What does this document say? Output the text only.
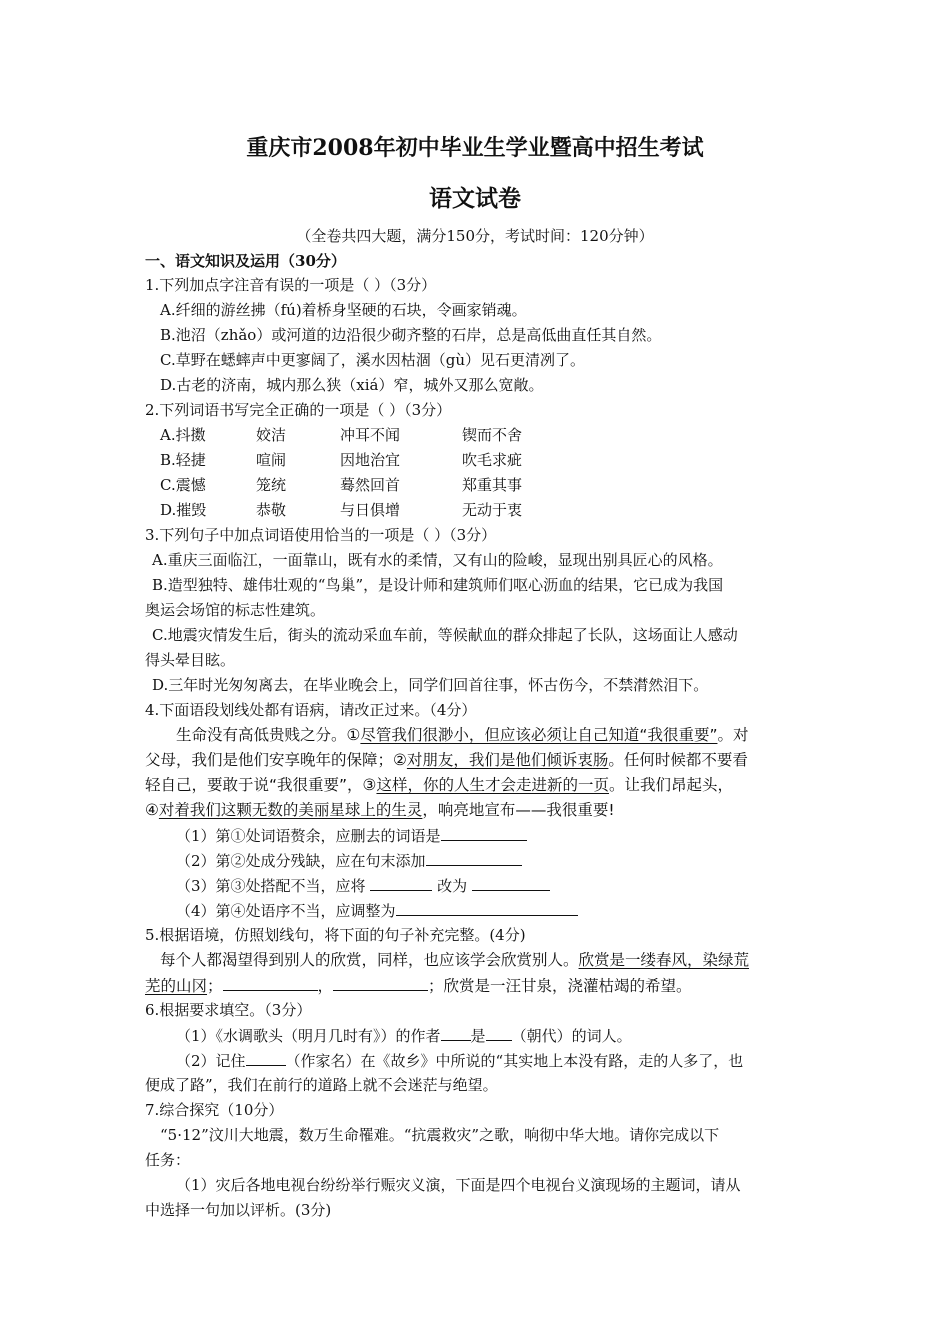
重庆市2008年初中毕业生学业暨高中招生考试
语文试卷
（全卷共四大题，满分150分，考试时间：120分钟）
一、语文知识及运用（30分）
1.下列加点字注音有误的一项是（ ）（3分）
A.纤细的游丝拂（fú)着桥身坚硬的石块，令画家销魂。
B.池沼（zhǎo）或河道的边沿很少砌齐整的石岸，总是高低曲直任其自然。
C.草野在蟋蟀声中更寥阔了，溪水因枯涸（gù）见石更清冽了。
D.古老的济南，城内那么狭（xiá）窄，城外又那么宽敞。
2.下列词语书写完全正确的一项是（ ）（3分）
A.抖擞	姣洁	冲耳不闻	锲而不舍
B.轻捷	喧闹	因地治宜	吹毛求疵
C.震憾	笼统	蓦然回首	郑重其事
D.摧毁	恭敬	与日俱增	无动于衷
3.下列句子中加点词语使用恰当的一项是（ ）（3分）
A.重庆三面临江，一面靠山，既有水的柔情，又有山的险峻，显现出别具匠心的风格。
B.造型独特、雄伟壮观的“鸟巢”，是设计师和建筑师们呕心沥血的结果，它已成为我国
奥运会场馆的标志性建筑。
C.地震灾情发生后，街头的流动采血车前，等候献血的群众排起了长队，这场面让人感动
得头晕目眩。
D.三年时光匆匆离去，在毕业晚会上，同学们回首往事，怀古伤今，不禁潸然泪下。
4.下面语段划线处都有语病，请改正过来。（4分）
生命没有高低贵贱之分。①尽管我们很渺小，但应该必须让自己知道“我很重要”。对
父母，我们是他们安享晚年的保障；②对朋友，我们是他们倾诉衷肠。任何时候都不要看
轻自己，要敢于说“我很重要”，③这样，你的人生才会走进新的一页。让我们昂起头，
④对着我们这颗无数的美丽星球上的生灵，响亮地宣布——我很重要!
（1）第①处词语赘余，应删去的词语是
（2）第②处成分残缺，应在句末添加
（3）第③处搭配不当，应将	改为
（4）第④处语序不当，应调整为
5.根据语境，仿照划线句，将下面的句子补充完整。(4分)
每个人都渴望得到别人的欣赏，同样，也应该学会欣赏别人。欣赏是一缕春风，染绿荒
芜的山冈；	，	；欣赏是一汪甘泉，浇灌枯竭的希望。
6.根据要求填空。（3分）
（1）《水调歌头（明月几时有》）的作者 是 （朝代）的词人。
（2）记住	（作家名）在《故乡》中所说的“其实地上本没有路，走的人多了，也
便成了路”，我们在前行的道路上就不会迷茫与绝望。
7.综合探究（10分）
“5·12”汶川大地震，数万生命罹难。“抗震救灾”之歌，响彻中华大地。请你完成以下
任务：
（1）灾后各地电视台纷纷举行赈灾义演，下面是四个电视台义演现场的主题词，请从
中选择一句加以评析。(3分)
